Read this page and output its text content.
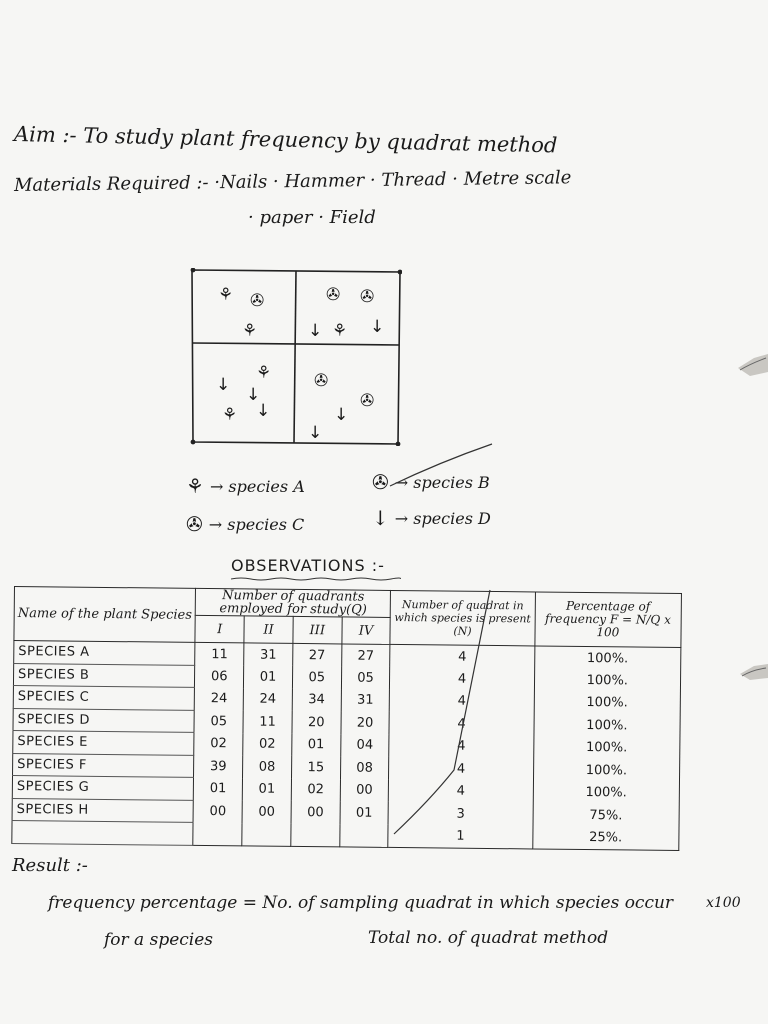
Aim :- To study plant frequency by quadrat method
Materials Required :- ·Nails · Hammer · Thread · Metre scale
· paper · Field
⚘ ✇
⚘
✇ ✇
↓ ⚘ ↓
↓
⚘
↓
⚘ ↓
✇
✇
↓
↓
⚘ → species A	✇ → species B
✇ → species C	↓ → species D
OBSERVATIONS :-
Name of the plant Species	Number of quadrants employed for study(Q)				Number of quadrat in which species is present (N)	Percentage of frequency F = N/Q x 100
	I	II	III	IV		
SPECIES A	11	31	27	27	4	100%.
SPECIES B	06	01	05	05	4	100%.
SPECIES C	24	24	34	31	4	100%.
SPECIES D	05	11	20	20	4	100%.
SPECIES E	02	02	01	04	4	100%.
SPECIES F	39	08	15	08	4	100%.
SPECIES G	01	01	02	00	4	100%.
SPECIES H	00	00	00	01	3	75%.
					1	25%.
Result :-
frequency percentage = No. of sampling quadrat in which species occur x100
for a species	Total no. of quadrat method
